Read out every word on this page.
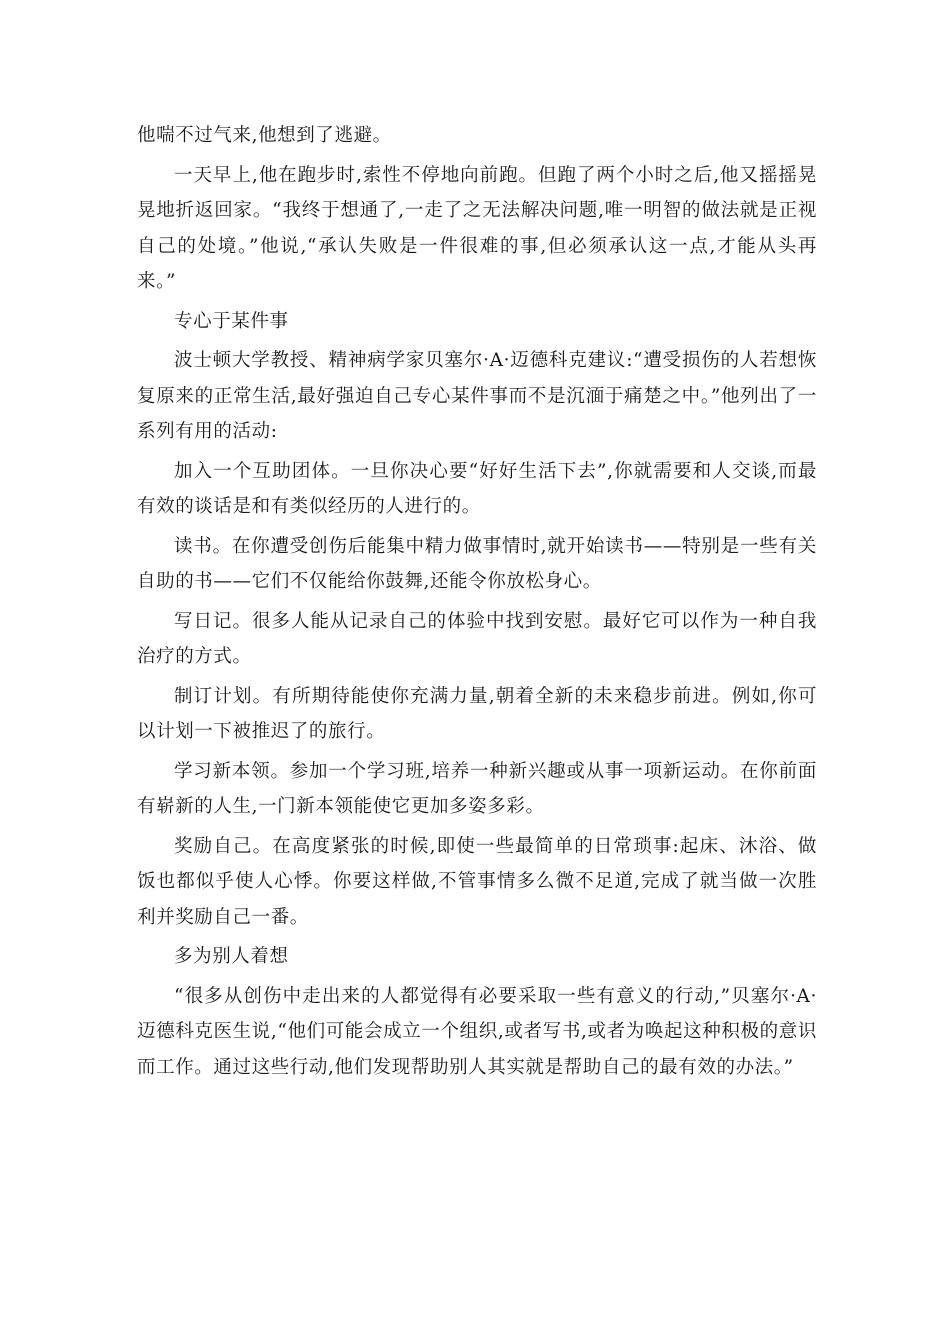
他喘不过气来,他想到了逃避。

一天早上,他在跑步时,索性不停地向前跑。但跑了两个小时之后,他又摇摇晃晃地折返回家。“我终于想通了,一走了之无法解决问题,唯一明智的做法就是正视自己的处境。”他说,“承认失败是一件很难的事,但必须承认这一点,才能从头再来。”

专心于某件事

波士顿大学教授、精神病学家贝塞尔·A·迈德科克建议:“遭受损伤的人若想恢复原来的正常生活,最好强迫自己专心某件事而不是沉湎于痛楚之中。”他列出了一系列有用的活动:

加入一个互助团体。一旦你决心要“好好生活下去”,你就需要和人交谈,而最有效的谈话是和有类似经历的人进行的。

读书。在你遭受创伤后能集中精力做事情时,就开始读书——特别是一些有关自助的书——它们不仅能给你鼓舞,还能令你放松身心。

写日记。很多人能从记录自己的体验中找到安慰。最好它可以作为一种自我治疗的方式。

制订计划。有所期待能使你充满力量,朝着全新的未来稳步前进。例如,你可以计划一下被推迟了的旅行。

学习新本领。参加一个学习班,培养一种新兴趣或从事一项新运动。在你前面有崭新的人生,一门新本领能使它更加多姿多彩。

奖励自己。在高度紧张的时候,即使一些最简单的日常琐事:起床、沐浴、做饭也都似乎使人心悸。你要这样做,不管事情多么微不足道,完成了就当做一次胜利并奖励自己一番。

多为别人着想

“很多从创伤中走出来的人都觉得有必要采取一些有意义的行动,”贝塞尔·A·迈德科克医生说,“他们可能会成立一个组织,或者写书,或者为唤起这种积极的意识而工作。通过这些行动,他们发现帮助别人其实就是帮助自己的最有效的办法。”
